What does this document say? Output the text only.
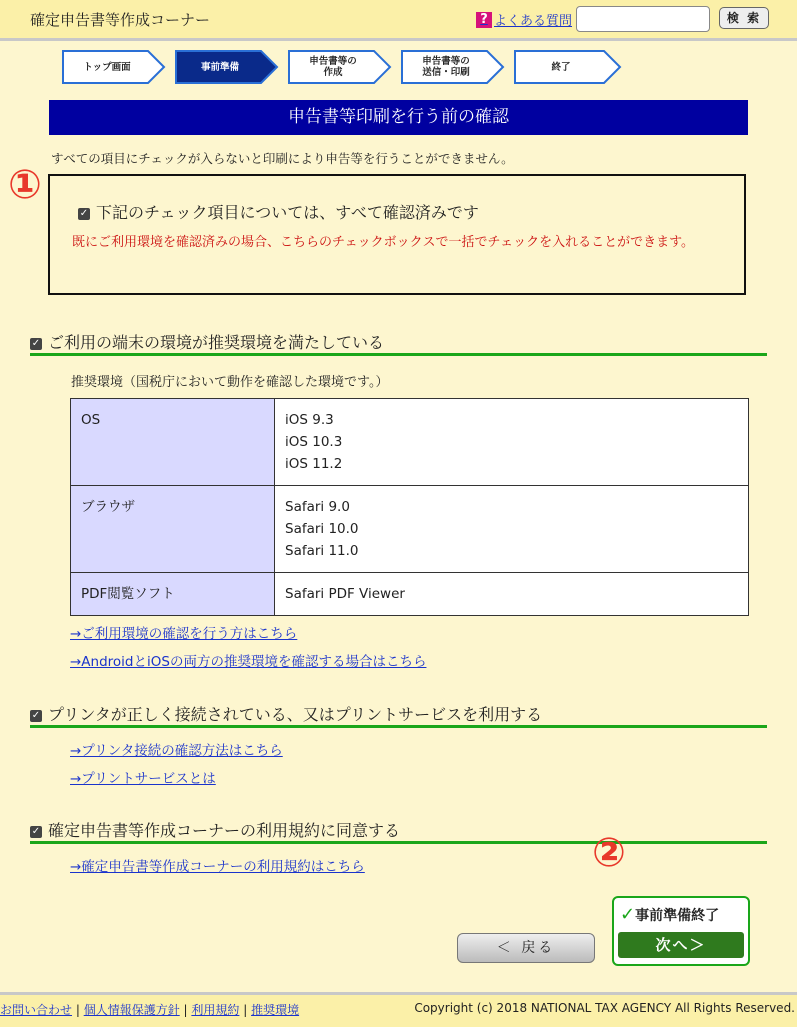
確定申告書等作成コーナー	? よくある質問	検 索
トップ画面	事前準備	申告書等の
作成
申告書等の
送信・印刷	終了
申告書等印刷を行う前の確認
すべての項目にチェックが入らないと印刷により申告等を行うことができません。
✓ 下記のチェック項目については、すべて確認済みです
既にご利用環境を確認済みの場合、こちらのチェックボックスで一括でチェックを入れることができます。
①
✓ ご利用の端末の環境が推奨環境を満たしている
推奨環境（国税庁において動作を確認した環境です。）
OS	iOS 9.3
iOS 10.3
iOS 11.2

ブラウザ	Safari 9.0
Safari 10.0
Safari 11.0

PDF閲覧ソフト	Safari PDF Viewer
→ご利用環境の確認を行う方はこちら
→AndroidとiOSの両方の推奨環境を確認する場合はこちら
✓ プリンタが正しく接続されている、又はプリントサービスを利用する
→プリンタ接続の確認方法はこちら
→プリントサービスとは
✓ 確定申告書等作成コーナーの利用規約に同意する
→確定申告書等作成コーナーの利用規約はこちら	②
＜ 戻る
✓事前準備終了
次へ＞
お問い合わせ | 個人情報保護方針 | 利用規約 | 推奨環境	Copyright (c) 2018 NATIONAL TAX AGENCY All Rights Reserved.
